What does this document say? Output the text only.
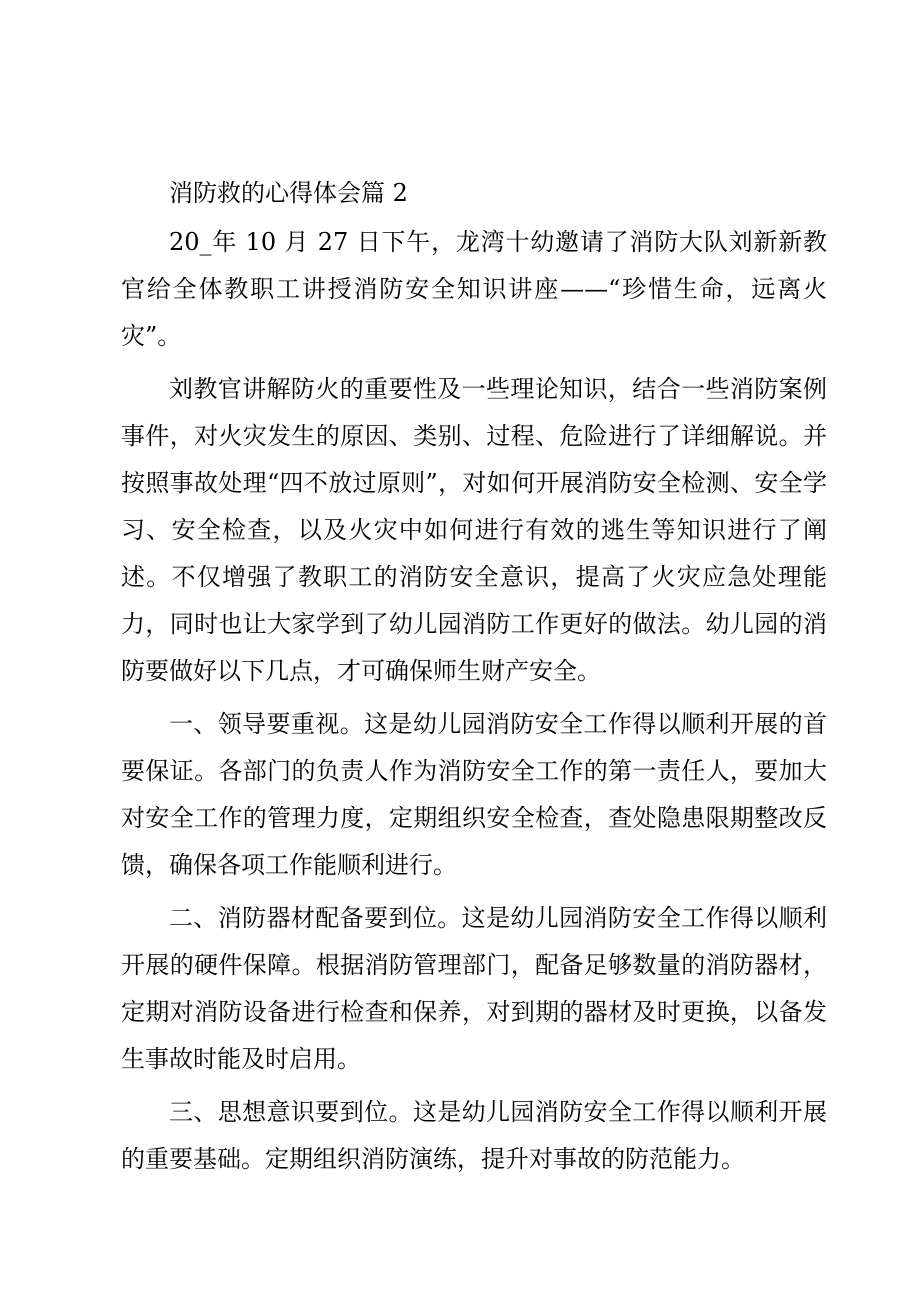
消防救的心得体会篇 2

20_年 10 月 27 日下午，龙湾十幼邀请了消防大队刘新新教官给全体教职工讲授消防安全知识讲座——“珍惜生命，远离火灾”。

刘教官讲解防火的重要性及一些理论知识，结合一些消防案例事件，对火灾发生的原因、类别、过程、危险进行了详细解说。并按照事故处理“四不放过原则”，对如何开展消防安全检测、安全学习、安全检查，以及火灾中如何进行有效的逃生等知识进行了阐述。不仅增强了教职工的消防安全意识，提高了火灾应急处理能力，同时也让大家学到了幼儿园消防工作更好的做法。幼儿园的消防要做好以下几点，才可确保师生财产安全。

一、领导要重视。这是幼儿园消防安全工作得以顺利开展的首要保证。各部门的负责人作为消防安全工作的第一责任人，要加大对安全工作的管理力度，定期组织安全检查，查处隐患限期整改反馈，确保各项工作能顺利进行。

二、消防器材配备要到位。这是幼儿园消防安全工作得以顺利开展的硬件保障。根据消防管理部门，配备足够数量的消防器材，定期对消防设备进行检查和保养，对到期的器材及时更换，以备发生事故时能及时启用。

三、思想意识要到位。这是幼儿园消防安全工作得以顺利开展的重要基础。定期组织消防演练，提升对事故的防范能力。
